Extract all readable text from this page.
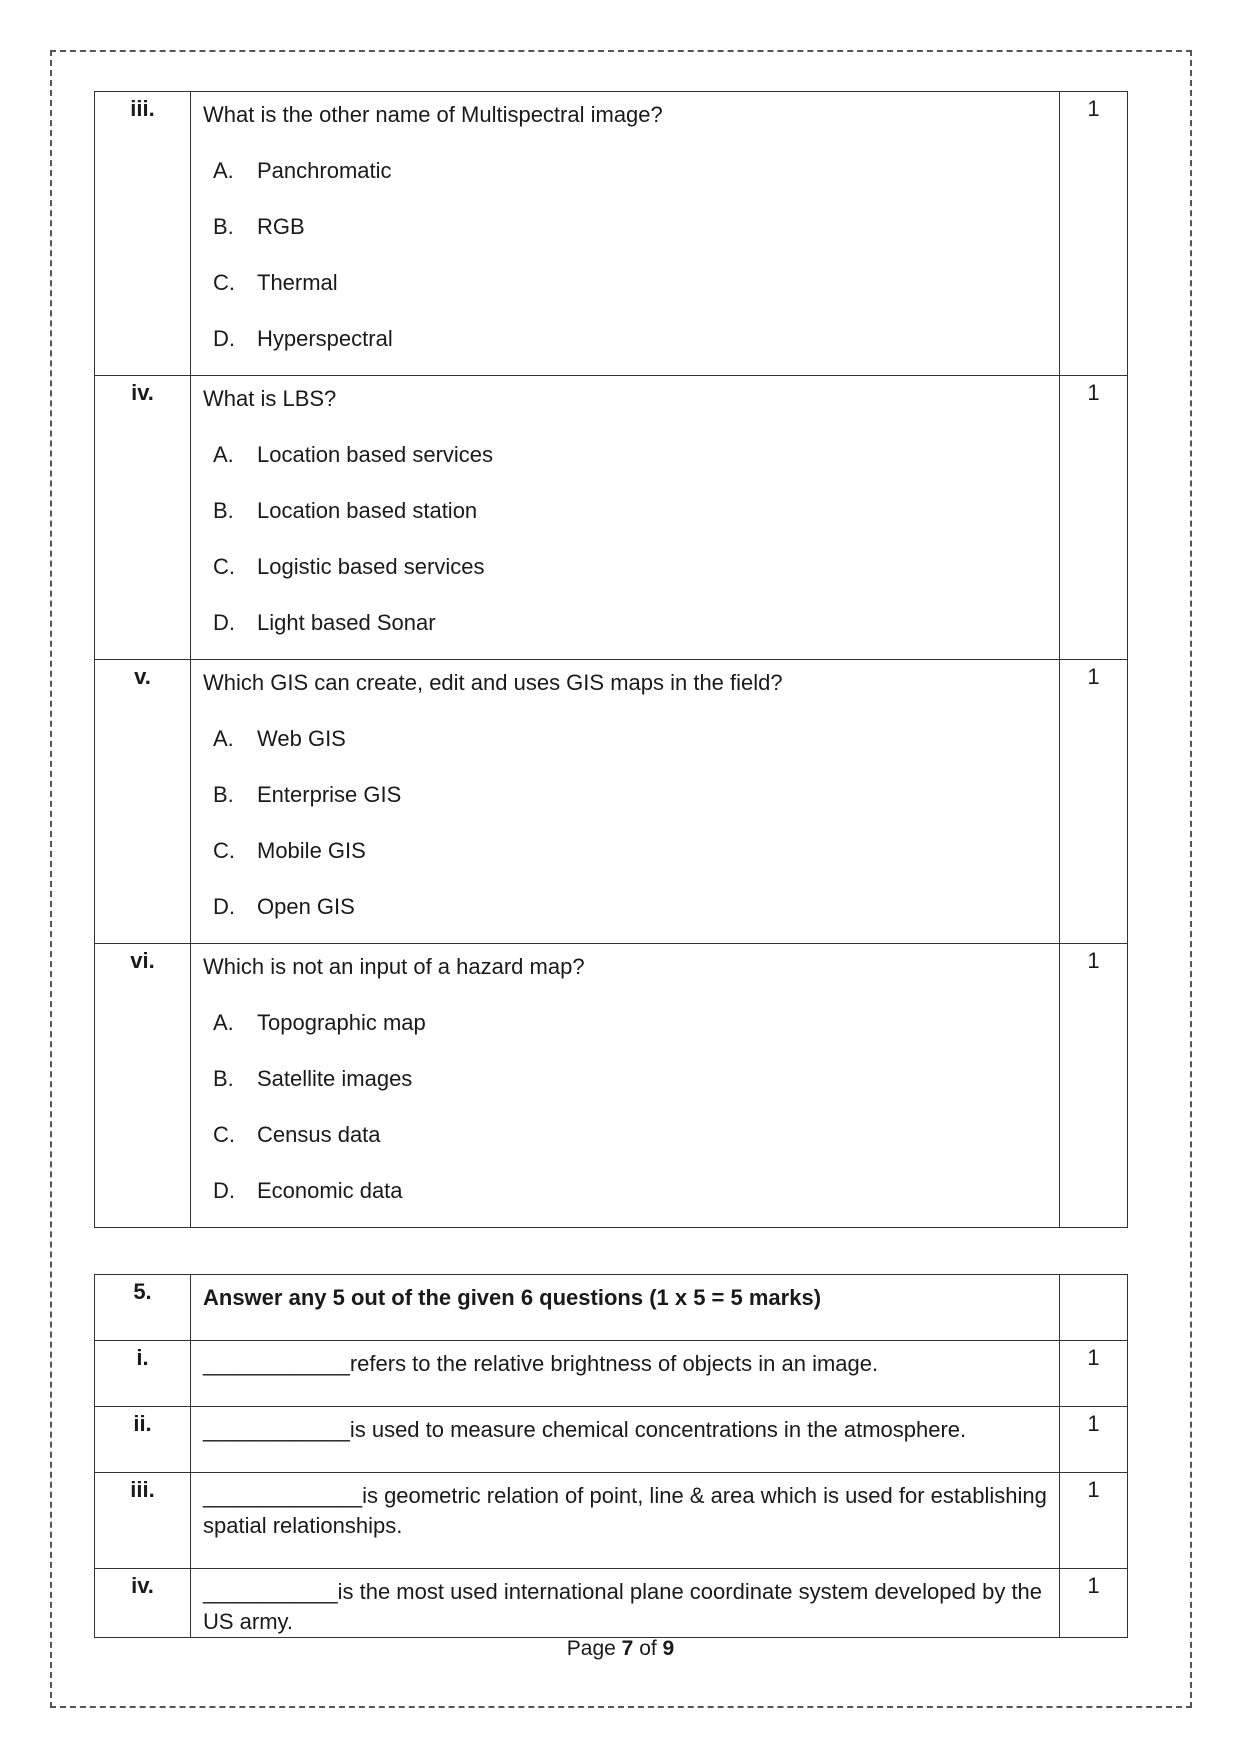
iii.	What is the other name of Multispectral image?
A. Panchromatic
B. RGB
C. Thermal
D. Hyperspectral	1
iv.	What is LBS?
A. Location based services
B. Location based station
C. Logistic based services
D. Light based Sonar	1
v.	Which GIS can create, edit and uses GIS maps in the field?
A. Web GIS
B. Enterprise GIS
C. Mobile GIS
D. Open GIS	1
vi.	Which is not an input of a hazard map?
A. Topographic map
B. Satellite images
C. Census data
D. Economic data	1
5.	Answer any 5 out of the given 6 questions (1 x 5 = 5 marks)	

i.	____________refers to the relative brightness of objects in an image.	1
ii.	____________is used to measure chemical concentrations in the atmosphere.	1
iii.	_____________is geometric relation of point, line & area which is used for establishing spatial relationships.	1
iv.	___________is the most used international plane coordinate system developed by the US army.	1
Page 7 of 9
